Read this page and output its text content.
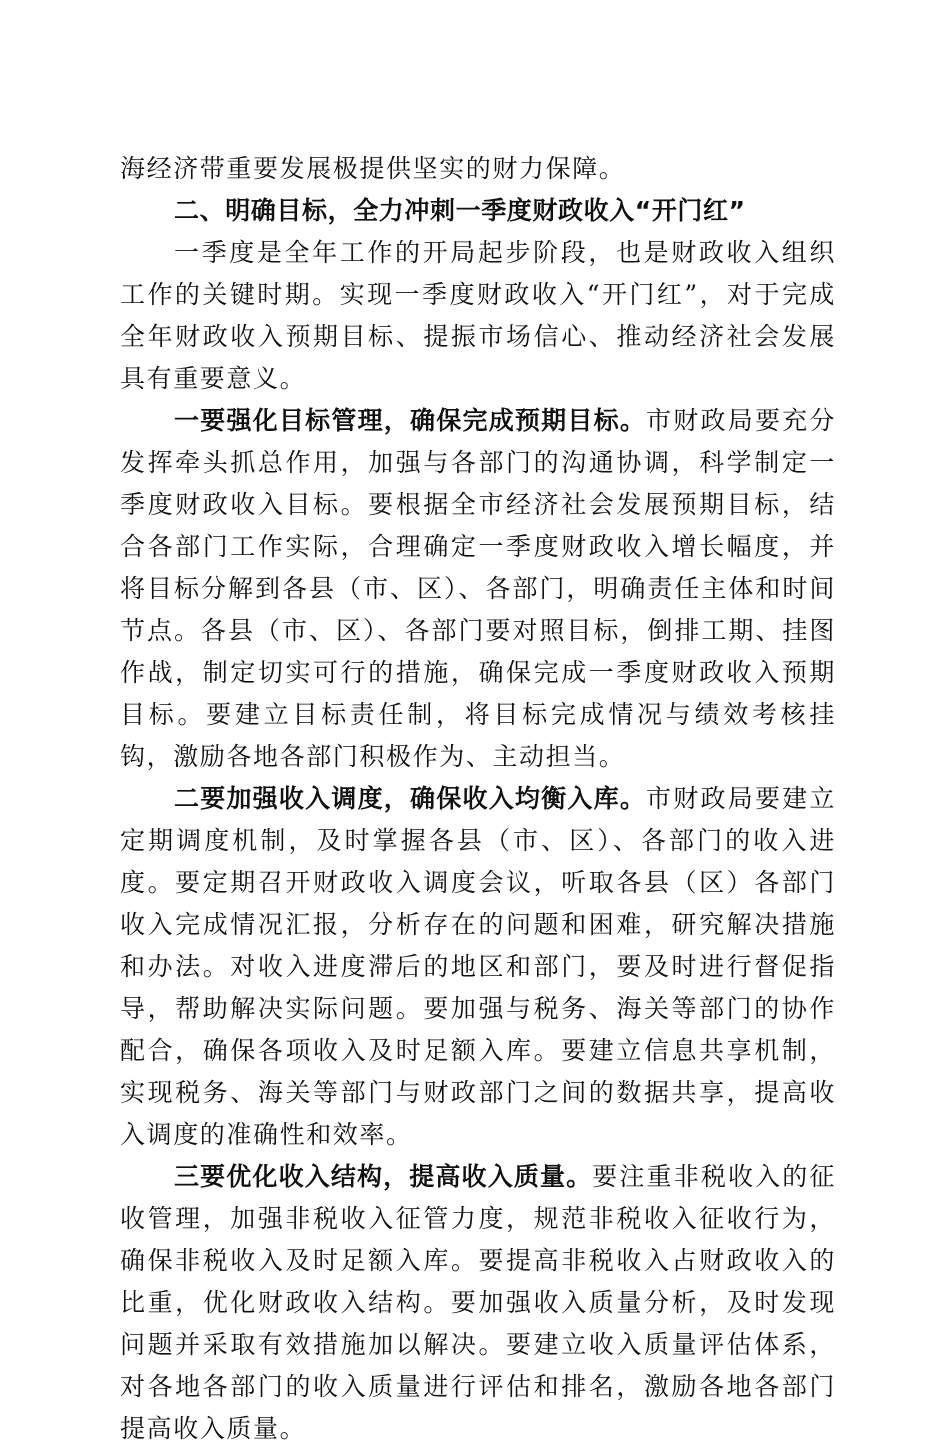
海经济带重要发展极提供坚实的财力保障。

二、明确目标，全力冲刺一季度财政收入“开门红”

一季度是全年工作的开局起步阶段，也是财政收入组织工作的关键时期。实现一季度财政收入“开门红”，对于完成全年财政收入预期目标、提振市场信心、推动经济社会发展具有重要意义。

一要强化目标管理，确保完成预期目标。市财政局要充分发挥牵头抓总作用，加强与各部门的沟通协调，科学制定一季度财政收入目标。要根据全市经济社会发展预期目标，结合各部门工作实际，合理确定一季度财政收入增长幅度，并将目标分解到各县（市、区）、各部门，明确责任主体和时间节点。各县（市、区）、各部门要对照目标，倒排工期、挂图作战，制定切实可行的措施，确保完成一季度财政收入预期目标。要建立目标责任制，将目标完成情况与绩效考核挂钩，激励各地各部门积极作为、主动担当。

二要加强收入调度，确保收入均衡入库。市财政局要建立定期调度机制，及时掌握各县（市、区）、各部门的收入进度。要定期召开财政收入调度会议，听取各县（区）各部门收入完成情况汇报，分析存在的问题和困难，研究解决措施和办法。对收入进度滞后的地区和部门，要及时进行督促指导，帮助解决实际问题。要加强与税务、海关等部门的协作配合，确保各项收入及时足额入库。要建立信息共享机制，实现税务、海关等部门与财政部门之间的数据共享，提高收入调度的准确性和效率。

三要优化收入结构，提高收入质量。要注重非税收入的征收管理，加强非税收入征管力度，规范非税收入征收行为，确保非税收入及时足额入库。要提高非税收入占财政收入的比重，优化财政收入结构。要加强收入质量分析，及时发现问题并采取有效措施加以解决。要建立收入质量评估体系，对各地各部门的收入质量进行评估和排名，激励各地各部门提高收入质量。
